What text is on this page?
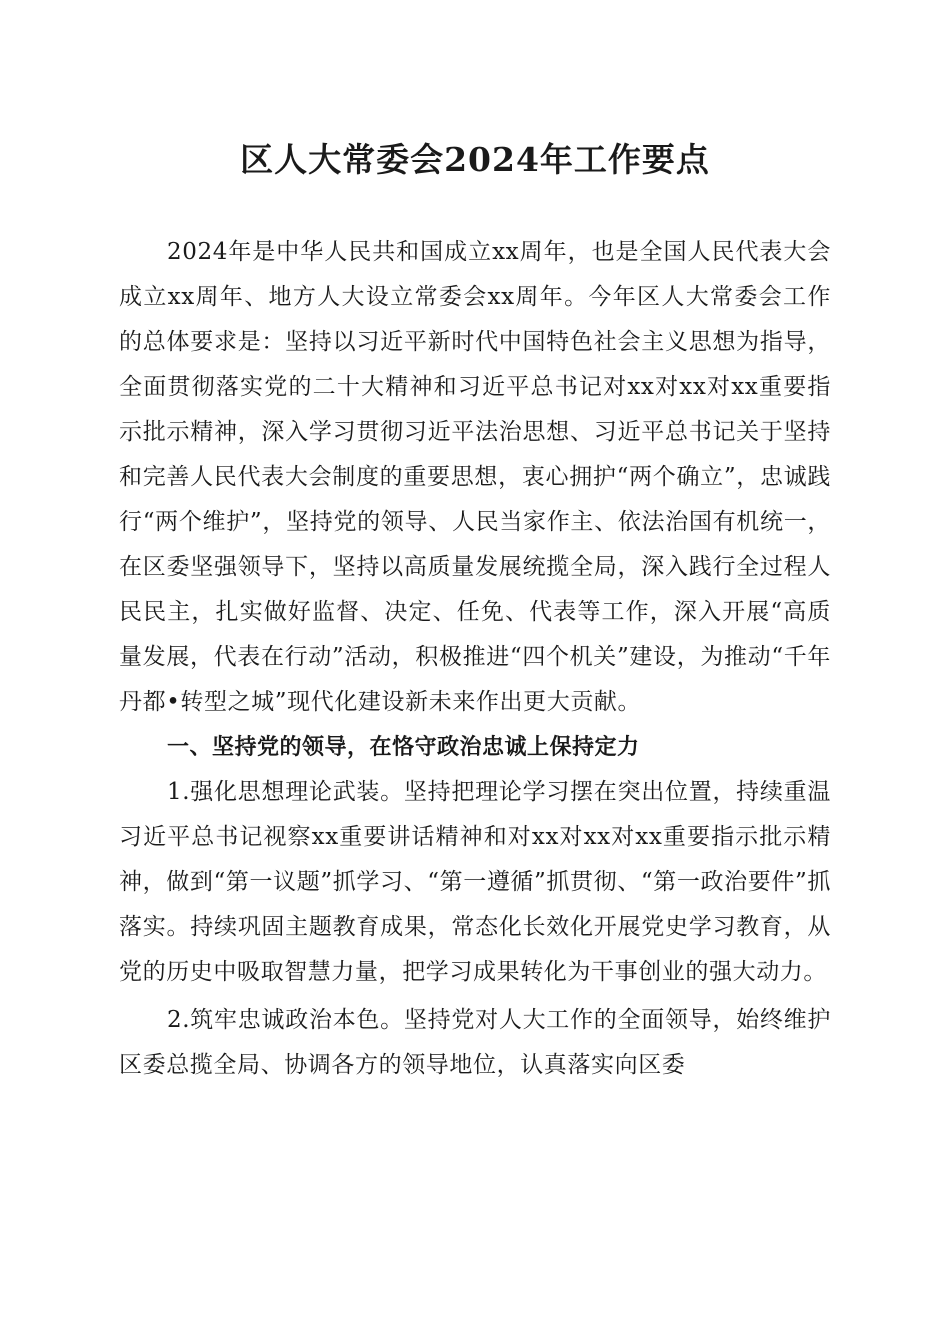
区人大常委会2024年工作要点

2024年是中华人民共和国成立xx周年，也是全国人民代表大会成立xx周年、地方人大设立常委会xx周年。今年区人大常委会工作的总体要求是：坚持以习近平新时代中国特色社会主义思想为指导，全面贯彻落实党的二十大精神和习近平总书记对xx对xx对xx重要指示批示精神，深入学习贯彻习近平法治思想、习近平总书记关于坚持和完善人民代表大会制度的重要思想，衷心拥护“两个确立”，忠诚践行“两个维护”，坚持党的领导、人民当家作主、依法治国有机统一，在区委坚强领导下，坚持以高质量发展统揽全局，深入践行全过程人民民主，扎实做好监督、决定、任免、代表等工作，深入开展“高质量发展，代表在行动”活动，积极推进“四个机关”建设，为推动“千年丹都•转型之城”现代化建设新未来作出更大贡献。

一、坚持党的领导，在恪守政治忠诚上保持定力

1.强化思想理论武装。坚持把理论学习摆在突出位置，持续重温习近平总书记视察xx重要讲话精神和对xx对xx对xx重要指示批示精神，做到“第一议题”抓学习、“第一遵循”抓贯彻、“第一政治要件”抓落实。持续巩固主题教育成果，常态化长效化开展党史学习教育，从党的历史中吸取智慧力量，把学习成果转化为干事创业的强大动力。

2.筑牢忠诚政治本色。坚持党对人大工作的全面领导，始终维护区委总揽全局、协调各方的领导地位，认真落实向区委
